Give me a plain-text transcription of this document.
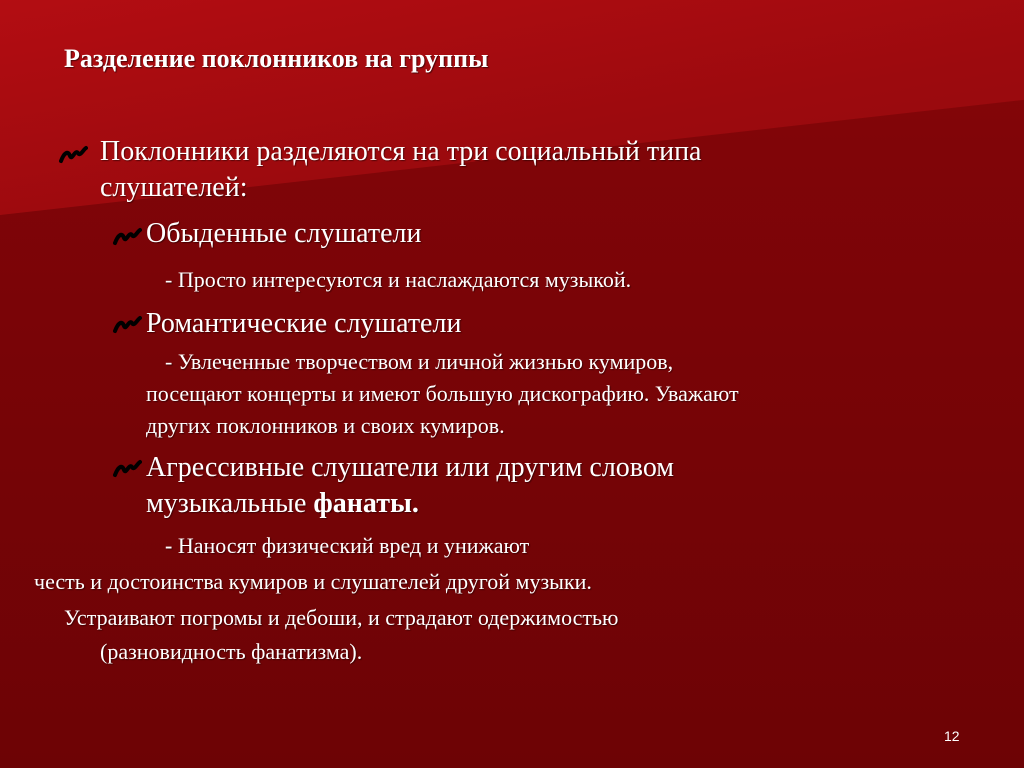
Разделение поклонников на группы

Поклонники разделяются на три социальный типа

слушателей:

Обыденные слушатели

- Просто интересуются и наслаждаются музыкой.

Романтические слушатели

- Увлеченные творчеством и личной жизнью кумиров,

посещают концерты и имеют большую дискографию. Уважают

других поклонников и своих кумиров.

Агрессивные слушатели или другим словом

музыкальные фанаты.

- Наносят физический вред и унижают

честь и достоинства кумиров и слушателей другой музыки.

Устраивают погромы и дебоши, и страдают одержимостью

(разновидность фанатизма).

12
